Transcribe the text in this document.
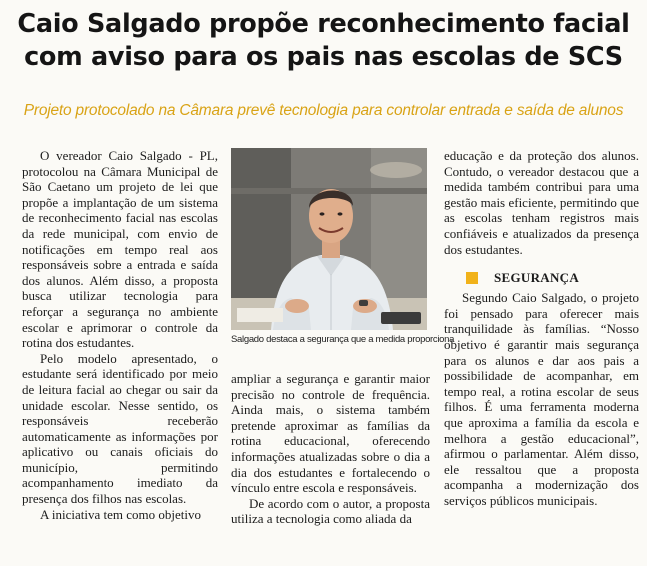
Caio Salgado propõe reconhecimento facial
com aviso para os pais nas escolas de SCS
Projeto protocolado na Câmara prevê tecnologia para controlar entrada e saída de alunos

O vereador Caio Salgado - PL, protocolou na Câmara Municipal de São Caetano um projeto de lei que propõe a implantação de um sistema de reconhecimento facial nas escolas da rede municipal, com envio de notificações em tempo real aos responsáveis sobre a entrada e saída dos alunos. Além disso, a proposta busca utilizar tecnologia para reforçar a segurança no ambiente escolar e aprimorar o controle da rotina dos estudantes.

Pelo modelo apresentado, o estudante será identificado por meio de leitura facial ao chegar ou sair da unidade escolar. Nesse sentido, os responsáveis receberão automaticamente as informações por aplicativo ou canais oficiais do município, permitindo acompanhamento imediato da presença dos filhos nas escolas.

A iniciativa tem como objetivo

Salgado destaca a segurança que a medida proporciona

ampliar a segurança e garantir maior precisão no controle de frequência. Ainda mais, o sistema também pretende aproximar as famílias da rotina educacional, oferecendo informações atualizadas sobre o dia a dia dos estudantes e fortalecendo o vínculo entre escola e responsáveis.

De acordo com o autor, a proposta utiliza a tecnologia como aliada da

educação e da proteção dos alunos. Contudo, o vereador destacou que a medida também contribui para uma gestão mais eficiente, permitindo que as escolas tenham registros mais confiáveis e atualizados da presença dos estudantes.

SEGURANÇA

Segundo Caio Salgado, o projeto foi pensado para oferecer mais tranquilidade às famílias. “Nosso objetivo é garantir mais segurança para os alunos e dar aos pais a possibilidade de acompanhar, em tempo real, a rotina escolar de seus filhos. É uma ferramenta moderna que aproxima a família da escola e melhora a gestão educacional”, afirmou o parlamentar. Além disso, ele ressaltou que a proposta acompanha a modernização dos serviços públicos municipais.
